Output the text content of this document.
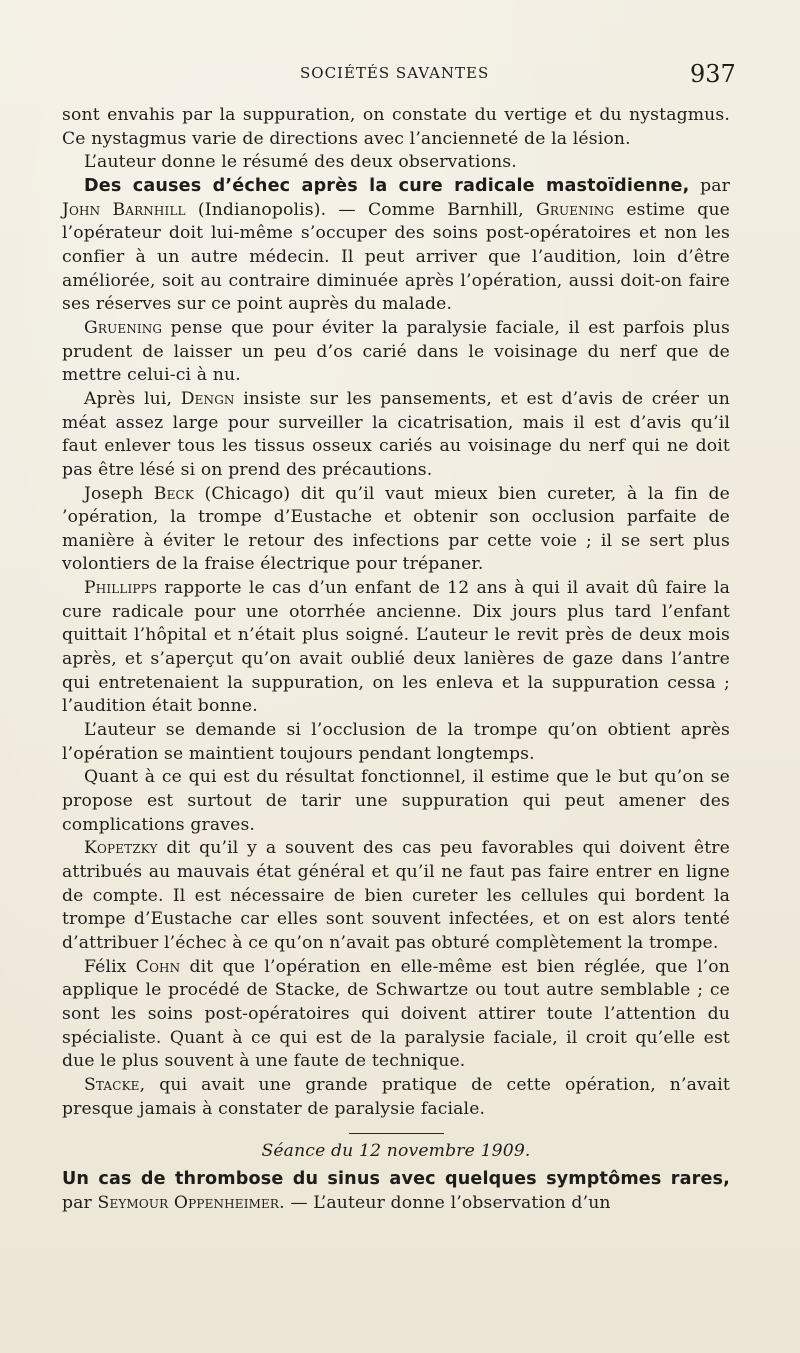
SOCIÉTÉS SAVANTES	937

sont envahis par la suppuration, on constate du vertige et du nystagmus. Ce nystagmus varie de directions avec l’ancienneté de la lésion.

L’auteur donne le résumé des deux observations.

Des causes d’échec après la cure radicale mastoïdienne, par John Barnhill (Indianopolis). — Comme Barnhill, Gruening estime que l’opérateur doit lui-même s’occuper des soins post-opératoires et non les confier à un autre médecin. Il peut arriver que l’audition, loin d’être améliorée, soit au contraire diminuée après l’opération, aussi doit-on faire ses réserves sur ce point auprès du malade.

Gruening pense que pour éviter la paralysie faciale, il est parfois plus prudent de laisser un peu d’os carié dans le voisinage du nerf que de mettre celui-ci à nu.

Après lui, Dengn insiste sur les pansements, et est d’avis de créer un méat assez large pour surveiller la cicatrisation, mais il est d’avis qu’il faut enlever tous les tissus osseux cariés au voisinage du nerf qui ne doit pas être lésé si on prend des précautions.

Joseph Beck (Chicago) dit qu’il vaut mieux bien cureter, à la fin de ’opération, la trompe d’Eustache et obtenir son occlusion parfaite de manière à éviter le retour des infections par cette voie ; il se sert plus volontiers de la fraise électrique pour trépaner.

Phillipps rapporte le cas d’un enfant de 12 ans à qui il avait dû faire la cure radicale pour une otorrhée ancienne. Dix jours plus tard l’enfant quittait l’hôpital et n’était plus soigné. L’auteur le revit près de deux mois après, et s’aperçut qu’on avait oublié deux lanières de gaze dans l’antre qui entretenaient la suppuration, on les enleva et la suppuration cessa ; l’audition était bonne.

L’auteur se demande si l’occlusion de la trompe qu’on obtient après l’opération se maintient toujours pendant longtemps.

Quant à ce qui est du résultat fonctionnel, il estime que le but qu’on se propose est surtout de tarir une suppuration qui peut amener des complications graves.

Kopetzky dit qu’il y a souvent des cas peu favorables qui doivent être attribués au mauvais état général et qu’il ne faut pas faire entrer en ligne de compte. Il est nécessaire de bien cureter les cellules qui bordent la trompe d’Eustache car elles sont souvent infectées, et on est alors tenté d’attribuer l’échec à ce qu’on n’avait pas obturé complètement la trompe.

Félix Cohn dit que l’opération en elle-même est bien réglée, que l’on applique le procédé de Stacke, de Schwartze ou tout autre semblable ; ce sont les soins post-opératoires qui doivent attirer toute l’attention du spécialiste. Quant à ce qui est de la paralysie faciale, il croit qu’elle est due le plus souvent à une faute de technique.

Stacke, qui avait une grande pratique de cette opération, n’avait presque jamais à constater de paralysie faciale.

Séance du 12 novembre 1909.

Un cas de thrombose du sinus avec quelques symptômes rares, par Seymour Oppenheimer. — L’auteur donne l’observation d’un
